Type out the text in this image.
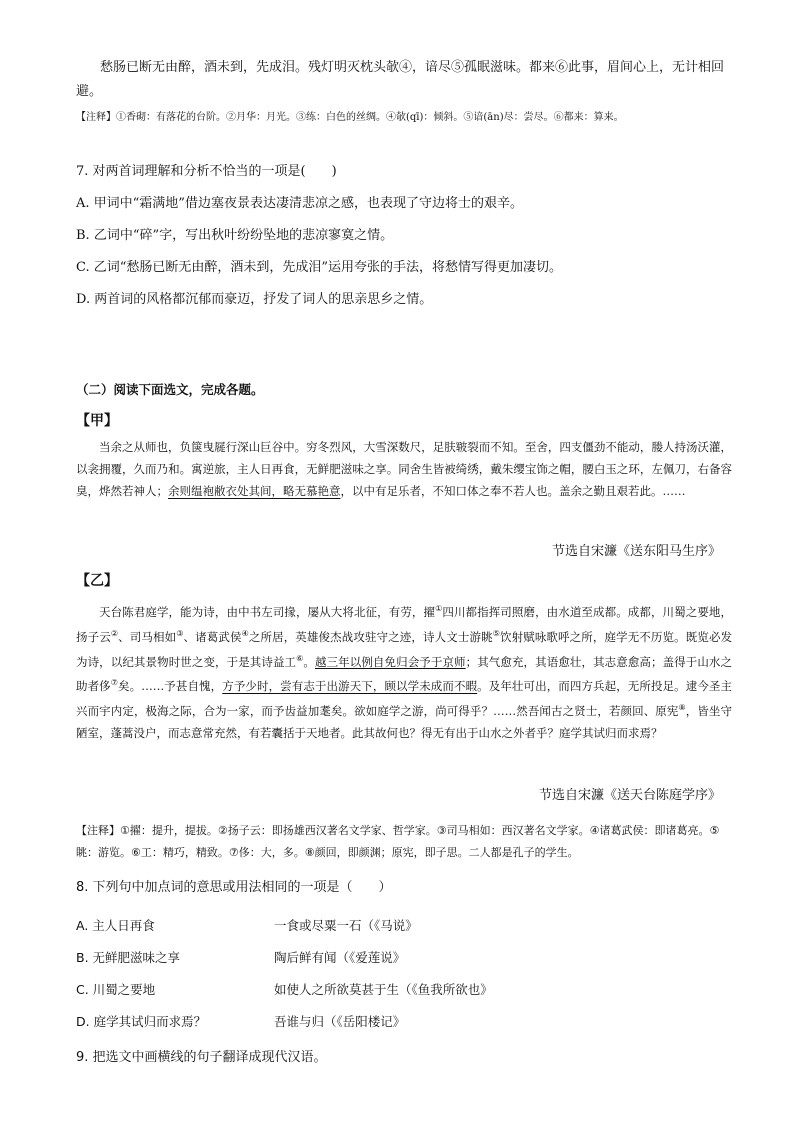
愁肠已断无由醉，酒未到，先成泪。残灯明灭枕头欹④，谙尽⑤孤眠滋味。都来⑥此事，眉间心上，无计相回避。

【注释】①香砌：有落花的台阶。②月华：月光。③练：白色的丝绸。④欹(qī)：倾斜。⑤谙(ān)尽：尝尽。⑥都来：算来。

7. 对两首词理解和分析不恰当的一项是(　　)

A. 甲词中“霜满地”借边塞夜景表达凄清悲凉之感，也表现了守边将士的艰辛。

B. 乙词中“碎”字，写出秋叶纷纷坠地的悲凉寥寞之情。

C. 乙词“愁肠已断无由醉，酒未到，先成泪”运用夸张的手法，将愁情写得更加凄切。

D. 两首词的风格都沉郁而豪迈，抒发了词人的思亲思乡之情。

（二）阅读下面选文，完成各题。

【甲】

当余之从师也，负箧曳屣行深山巨谷中。穷冬烈风，大雪深数尺，足肤皲裂而不知。至舍，四支僵劲不能动，媵人持汤沃灌，以衾拥覆，久而乃和。寓逆旅，主人日再食，无鲜肥滋味之享。同舍生皆被绮绣，戴朱缨宝饰之帽，腰白玉之环，左佩刀，右备容臭，烨然若神人；余则缊袍敝衣处其间，略无慕艳意，以中有足乐者，不知口体之奉不若人也。盖余之勤且艰若此。……

节选自宋濂《送东阳马生序》

【乙】

天台陈君庭学，能为诗，由中书左司掾，屡从大将北征，有劳，擢①四川都指挥司照磨，由水道至成都。成都，川蜀之要地，扬子云②、司马相如③、诸葛武侯④之所居，英雄俊杰战攻驻守之迹，诗人文士游眺⑤饮射赋咏歌呼之所，庭学无不历览。既览必发为诗，以纪其景物时世之变，于是其诗益工⑥。越三年以例自免归会予于京师；其气愈充，其语愈壮，其志意愈高；盖得于山水之助者侈⑦矣。……予甚自愧，方予少时，尝有志于出游天下，顾以学未成而不暇。及年壮可出，而四方兵起，无所投足。逮今圣主兴而宇内定，极海之际，合为一家，而予齿益加耄矣。欲如庭学之游，尚可得乎？……然吾闻古之贤士，若颜回、原宪⑧，皆坐守陋室，蓬蒿没户，而志意常充然，有若囊括于天地者。此其故何也？得无有出于山水之外者乎？庭学其试归而求焉？

节选自宋濂《送天台陈庭学序》

【注释】①擢：提升，提拔。②扬子云：即扬雄西汉著名文学家、哲学家。③司马相如：西汉著名文学家。④诸葛武侯：即诸葛亮。⑤眺：游览。⑥工：精巧，精致。⑦侈：大，多。⑧颜回，即颜渊；原宪，即子思。二人都是孔子的学生。

8. 下列句中加点词的意思或用法相同的一项是（　　）

A. 主人日再食	一食或尽粟一石（《马说》
B. 无鲜肥滋味之享	陶后鲜有闻（《爱莲说》
C. 川蜀之要地	如使人之所欲莫甚于生（《鱼我所欲也》
D. 庭学其试归而求焉？	吾谁与归（《岳阳楼记》

9. 把选文中画横线的句子翻译成现代汉语。
